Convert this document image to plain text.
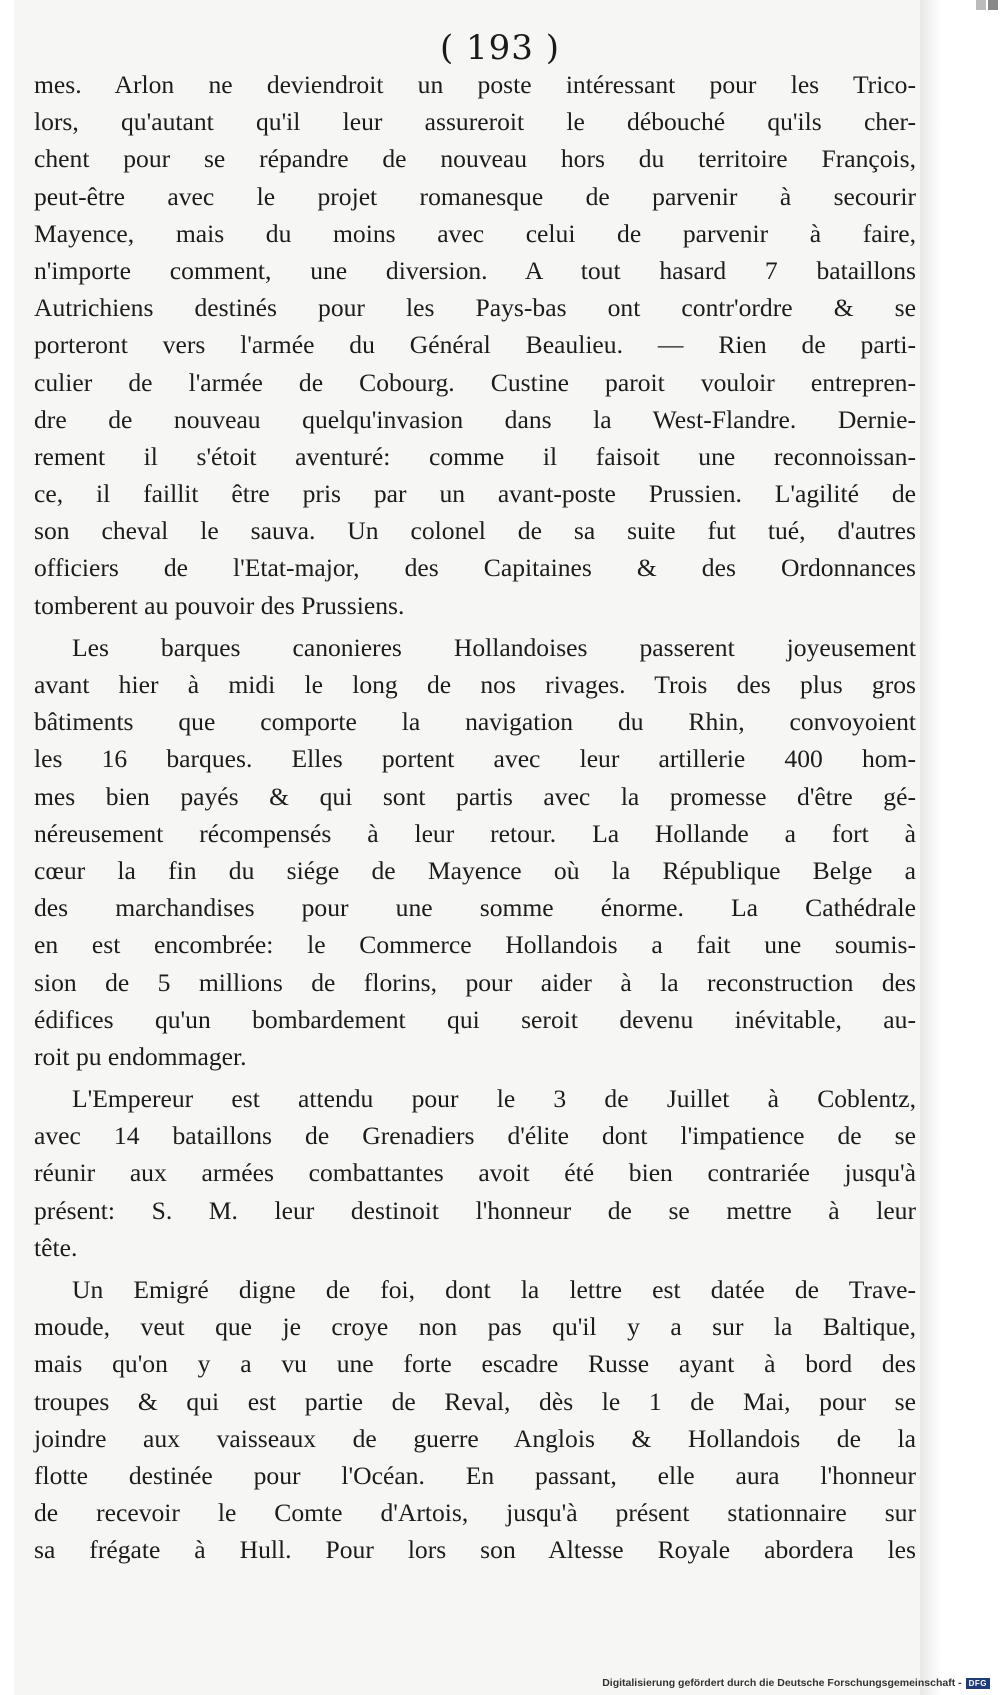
( 193 )
mes. Arlon ne deviendroit un poste intéressant pour les Trico-
lors, qu'autant qu'il leur assureroit le débouché qu'ils cher-
chent pour se répandre de nouveau hors du territoire François,
peut-être avec le projet romanesque de parvenir à secourir
Mayence, mais du moins avec celui de parvenir à faire,
n'importe comment, une diversion. A tout hasard 7 bataillons
Autrichiens destinés pour les Pays-bas ont contr'ordre & se
porteront vers l'armée du Général Beaulieu. — Rien de parti-
culier de l'armée de Cobourg. Custine paroit vouloir entrepren-
dre de nouveau quelqu'invasion dans la West-Flandre. Dernie-
rement il s'étoit aventuré: comme il faisoit une reconnoissan-
ce, il faillit être pris par un avant-poste Prussien. L'agilité de
son cheval le sauva. Un colonel de sa suite fut tué, d'autres
officiers de l'Etat-major, des Capitaines & des Ordonnances
tomberent au pouvoir des Prussiens.
Les barques canonieres Hollandoises passerent joyeusement
avant hier à midi le long de nos rivages. Trois des plus gros
bâtiments que comporte la navigation du Rhin, convoyoient
les 16 barques. Elles portent avec leur artillerie 400 hom-
mes bien payés & qui sont partis avec la promesse d'être gé-
néreusement récompensés à leur retour. La Hollande a fort à
cœur la fin du siége de Mayence où la République Belge a
des marchandises pour une somme énorme. La Cathédrale
en est encombrée: le Commerce Hollandois a fait une soumis-
sion de 5 millions de florins, pour aider à la reconstruction des
édifices qu'un bombardement qui seroit devenu inévitable, au-
roit pu endommager.
L'Empereur est attendu pour le 3 de Juillet à Coblentz,
avec 14 bataillons de Grenadiers d'élite dont l'impatience de se
réunir aux armées combattantes avoit été bien contrariée jusqu'à
présent: S. M. leur destinoit l'honneur de se mettre à leur
tête.
Un Emigré digne de foi, dont la lettre est datée de Trave-
moude, veut que je croye non pas qu'il y a sur la Baltique,
mais qu'on y a vu une forte escadre Russe ayant à bord des
troupes & qui est partie de Reval, dès le 1 de Mai, pour se
joindre aux vaisseaux de guerre Anglois & Hollandois de la
flotte destinée pour l'Océan. En passant, elle aura l'honneur
de recevoir le Comte d'Artois, jusqu'à présent stationnaire sur
sa frégate à Hull. Pour lors son Altesse Royale abordera les
Digitalisierung gefördert durch die Deutsche Forschungsgemeinschaft - DFG
